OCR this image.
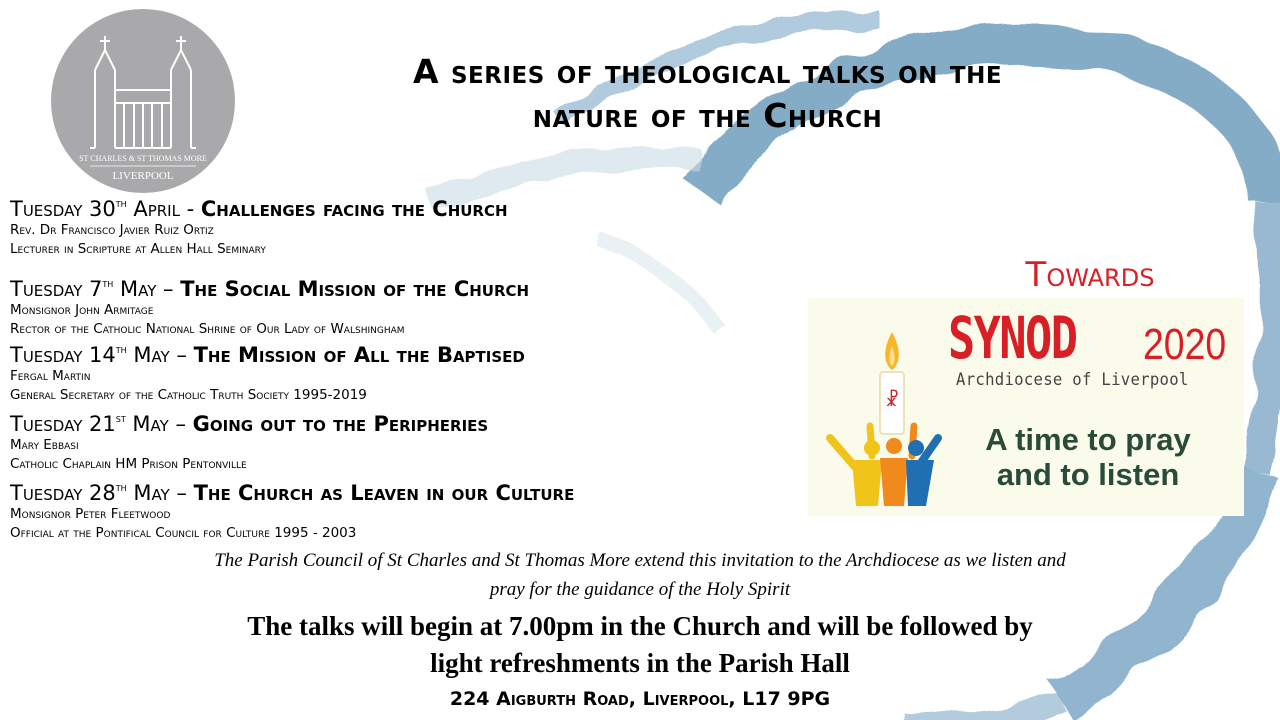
ST CHARLES & ST THOMAS MORE
LIVERPOOL
A series of theological talks on the
nature of the Church
Tuesday 30th April - Challenges facing the Church
Rev. Dr Francisco Javier Ruiz Ortiz
Lecturer in Scripture at Allen Hall Seminary
Tuesday 7th May – The Social Mission of the Church
Monsignor John Armitage
Rector of the Catholic National Shrine of Our Lady of Walshingham
Tuesday 14th May – The Mission of All the Baptised
Fergal Martin
General Secretary of the Catholic Truth Society 1995-2019
Tuesday 21st May – Going out to the Peripheries
Mary Ebbasi
Catholic Chaplain HM Prison Pentonville
Tuesday 28th May – The Church as Leaven in our Culture
Monsignor Peter Fleetwood
Official at the Pontifical Council for Culture 1995 - 2003
Towards
☧
SYNOD 2020
Archdiocese of Liverpool
A time to pray
and to listen
The Parish Council of St Charles and St Thomas More extend this invitation to the Archdiocese as we listen and
pray for the guidance of the Holy Spirit
The talks will begin at 7.00pm in the Church and will be followed by
light refreshments in the Parish Hall
224 Aigburth Road, Liverpool, L17 9PG
